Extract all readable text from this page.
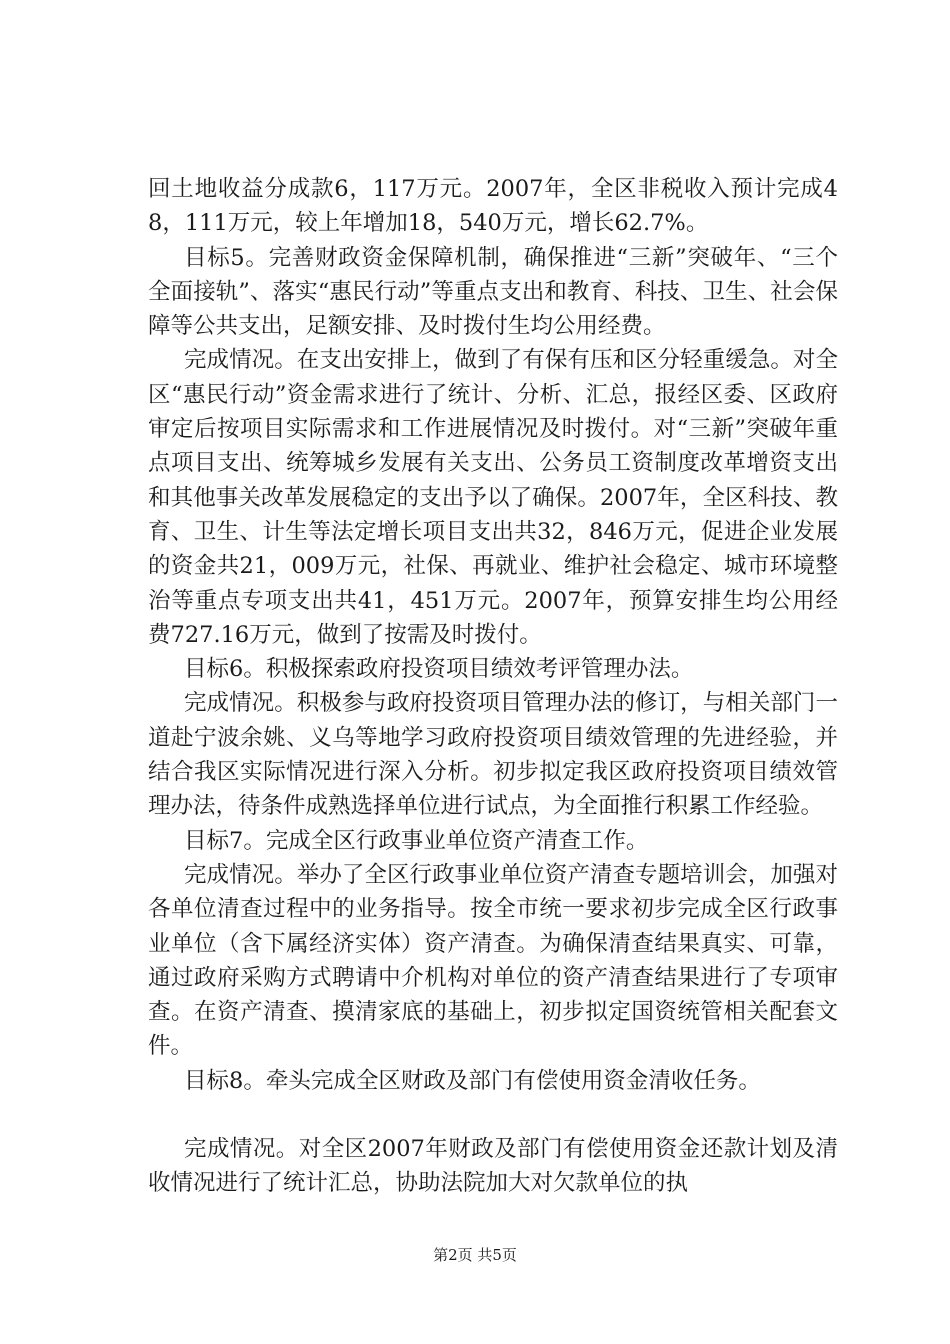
回土地收益分成款6，117万元。2007年，全区非税收入预计完成48，111万元，较上年增加18，540万元，增长62.7%。

目标5。完善财政资金保障机制，确保推进“三新”突破年、“三个全面接轨”、落实“惠民行动”等重点支出和教育、科技、卫生、社会保障等公共支出，足额安排、及时拨付生均公用经费。

完成情况。在支出安排上，做到了有保有压和区分轻重缓急。对全区“惠民行动”资金需求进行了统计、分析、汇总，报经区委、区政府审定后按项目实际需求和工作进展情况及时拨付。对“三新”突破年重点项目支出、统筹城乡发展有关支出、公务员工资制度改革增资支出和其他事关改革发展稳定的支出予以了确保。2007年，全区科技、教育、卫生、计生等法定增长项目支出共32，846万元，促进企业发展的资金共21，009万元，社保、再就业、维护社会稳定、城市环境整治等重点专项支出共41，451万元。2007年，预算安排生均公用经费727.16万元，做到了按需及时拨付。

目标6。积极探索政府投资项目绩效考评管理办法。

完成情况。积极参与政府投资项目管理办法的修订，与相关部门一道赴宁波余姚、义乌等地学习政府投资项目绩效管理的先进经验，并结合我区实际情况进行深入分析。初步拟定我区政府投资项目绩效管理办法，待条件成熟选择单位进行试点，为全面推行积累工作经验。

目标7。完成全区行政事业单位资产清查工作。

完成情况。举办了全区行政事业单位资产清查专题培训会，加强对各单位清查过程中的业务指导。按全市统一要求初步完成全区行政事业单位（含下属经济实体）资产清查。为确保清查结果真实、可靠，通过政府采购方式聘请中介机构对单位的资产清查结果进行了专项审查。在资产清查、摸清家底的基础上，初步拟定国资统管相关配套文件。

目标8。牵头完成全区财政及部门有偿使用资金清收任务。

完成情况。对全区2007年财政及部门有偿使用资金还款计划及清收情况进行了统计汇总，协助法院加大对欠款单位的执

第2页 共5页
